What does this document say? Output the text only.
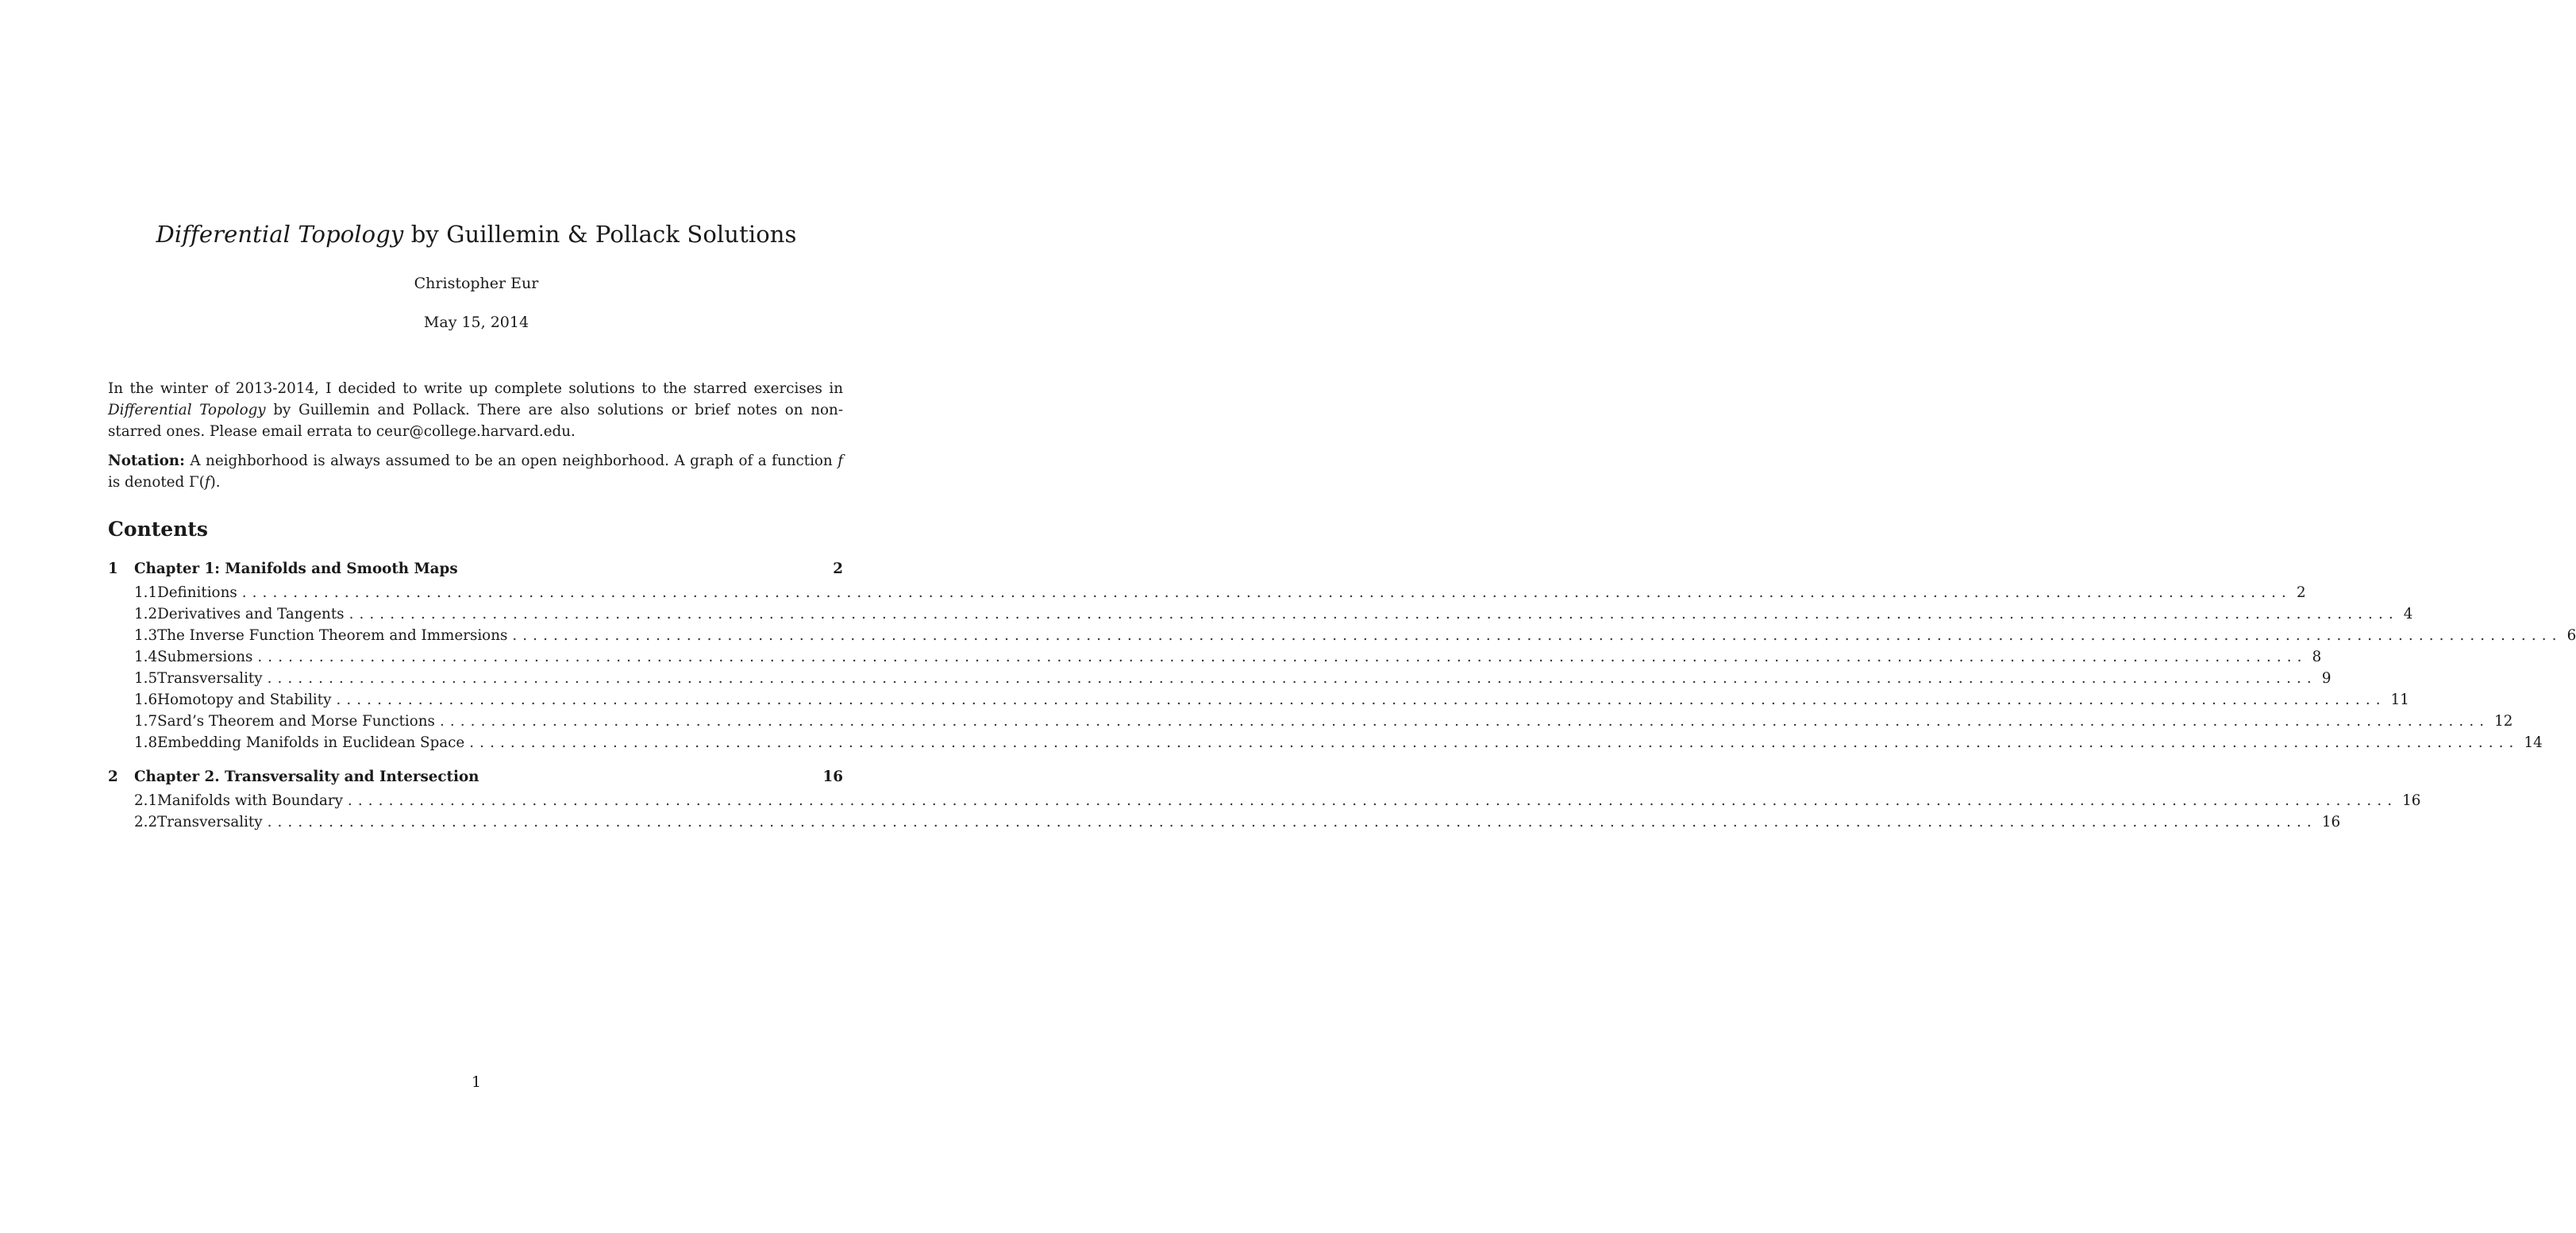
Differential Topology by Guillemin & Pollack Solutions
Christopher Eur
May 15, 2014
In the winter of 2013-2014, I decided to write up complete solutions to the starred exercises in Differential Topology by Guillemin and Pollack. There are also solutions or brief notes on non-starred ones. Please email errata to ceur@college.harvard.edu.
Notation: A neighborhood is always assumed to be an open neighborhood. A graph of a function f is denoted Γ(f).
Contents
1	Chapter 1: Manifolds and Smooth Maps	2
1.1 Definitions ........................................................................................................................................................................................................ 2
1.2 Derivatives and Tangents ........................................................................................................................................................................................................ 4
1.3 The Inverse Function Theorem and Immersions ........................................................................................................................................................................................................ 6
1.4 Submersions ........................................................................................................................................................................................................ 8
1.5 Transversality ........................................................................................................................................................................................................ 9
1.6 Homotopy and Stability ........................................................................................................................................................................................................ 11
1.7 Sard’s Theorem and Morse Functions ........................................................................................................................................................................................................ 12
1.8 Embedding Manifolds in Euclidean Space ........................................................................................................................................................................................................ 14
2	Chapter 2. Transversality and Intersection	16
2.1 Manifolds with Boundary ........................................................................................................................................................................................................ 16
2.2 Transversality ........................................................................................................................................................................................................ 16
1
